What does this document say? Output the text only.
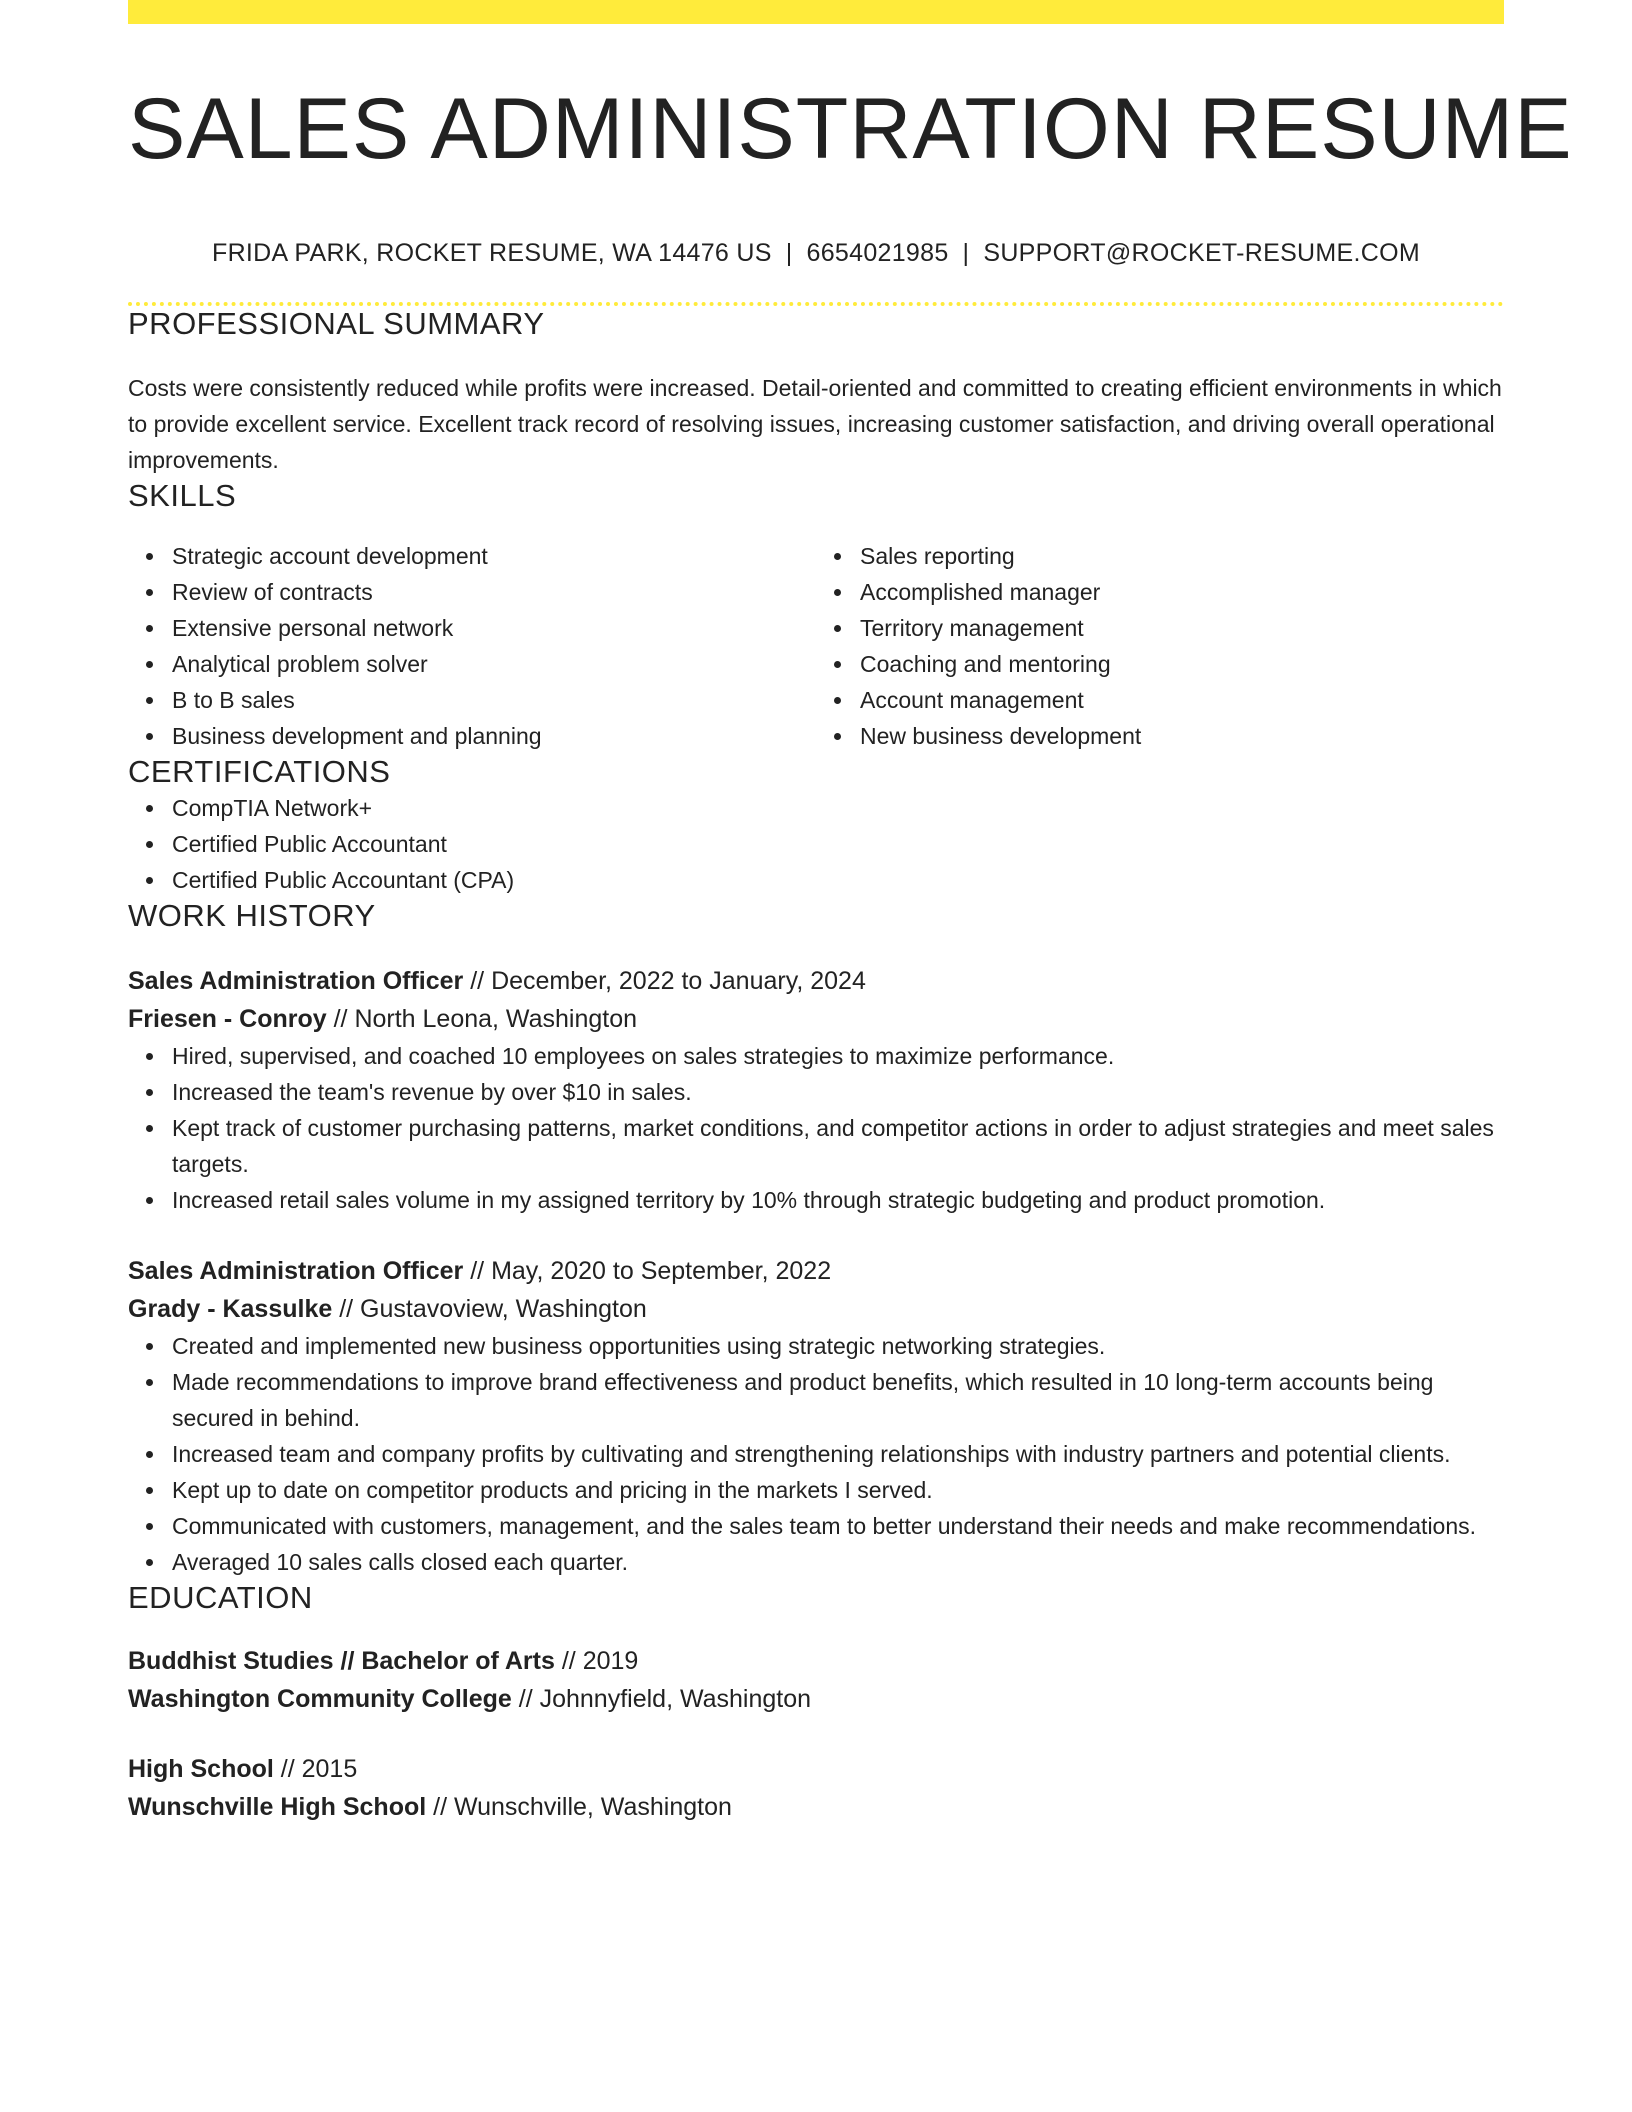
SALES ADMINISTRATION RESUME
FRIDA PARK, ROCKET RESUME, WA 14476 US | 6654021985 | SUPPORT@ROCKET-RESUME.COM
PROFESSIONAL SUMMARY

Costs were consistently reduced while profits were increased. Detail-oriented and committed to creating efficient environments in which to provide excellent service. Excellent track record of resolving issues, increasing customer satisfaction, and driving overall operational improvements.

SKILLS
Strategic account development
Review of contracts
Extensive personal network
Analytical problem solver
B to B sales
Business development and planning
Sales reporting
Accomplished manager
Territory management
Coaching and mentoring
Account management
New business development
CERTIFICATIONS
CompTIA Network+
Certified Public Accountant
Certified Public Accountant (CPA)
WORK HISTORY
Sales Administration Officer // December, 2022 to January, 2024
Friesen - Conroy // North Leona, Washington
Hired, supervised, and coached 10 employees on sales strategies to maximize performance.
Increased the team's revenue by over $10 in sales.
Kept track of customer purchasing patterns, market conditions, and competitor actions in order to adjust strategies and meet sales targets.
Increased retail sales volume in my assigned territory by 10% through strategic budgeting and product promotion.
Sales Administration Officer // May, 2020 to September, 2022
Grady - Kassulke // Gustavoview, Washington
Created and implemented new business opportunities using strategic networking strategies.
Made recommendations to improve brand effectiveness and product benefits, which resulted in 10 long-term accounts being secured in behind.
Increased team and company profits by cultivating and strengthening relationships with industry partners and potential clients.
Kept up to date on competitor products and pricing in the markets I served.
Communicated with customers, management, and the sales team to better understand their needs and make recommendations.
Averaged 10 sales calls closed each quarter.
EDUCATION
Buddhist Studies // Bachelor of Arts // 2019
Washington Community College // Johnnyfield, Washington
High School // 2015
Wunschville High School // Wunschville, Washington
